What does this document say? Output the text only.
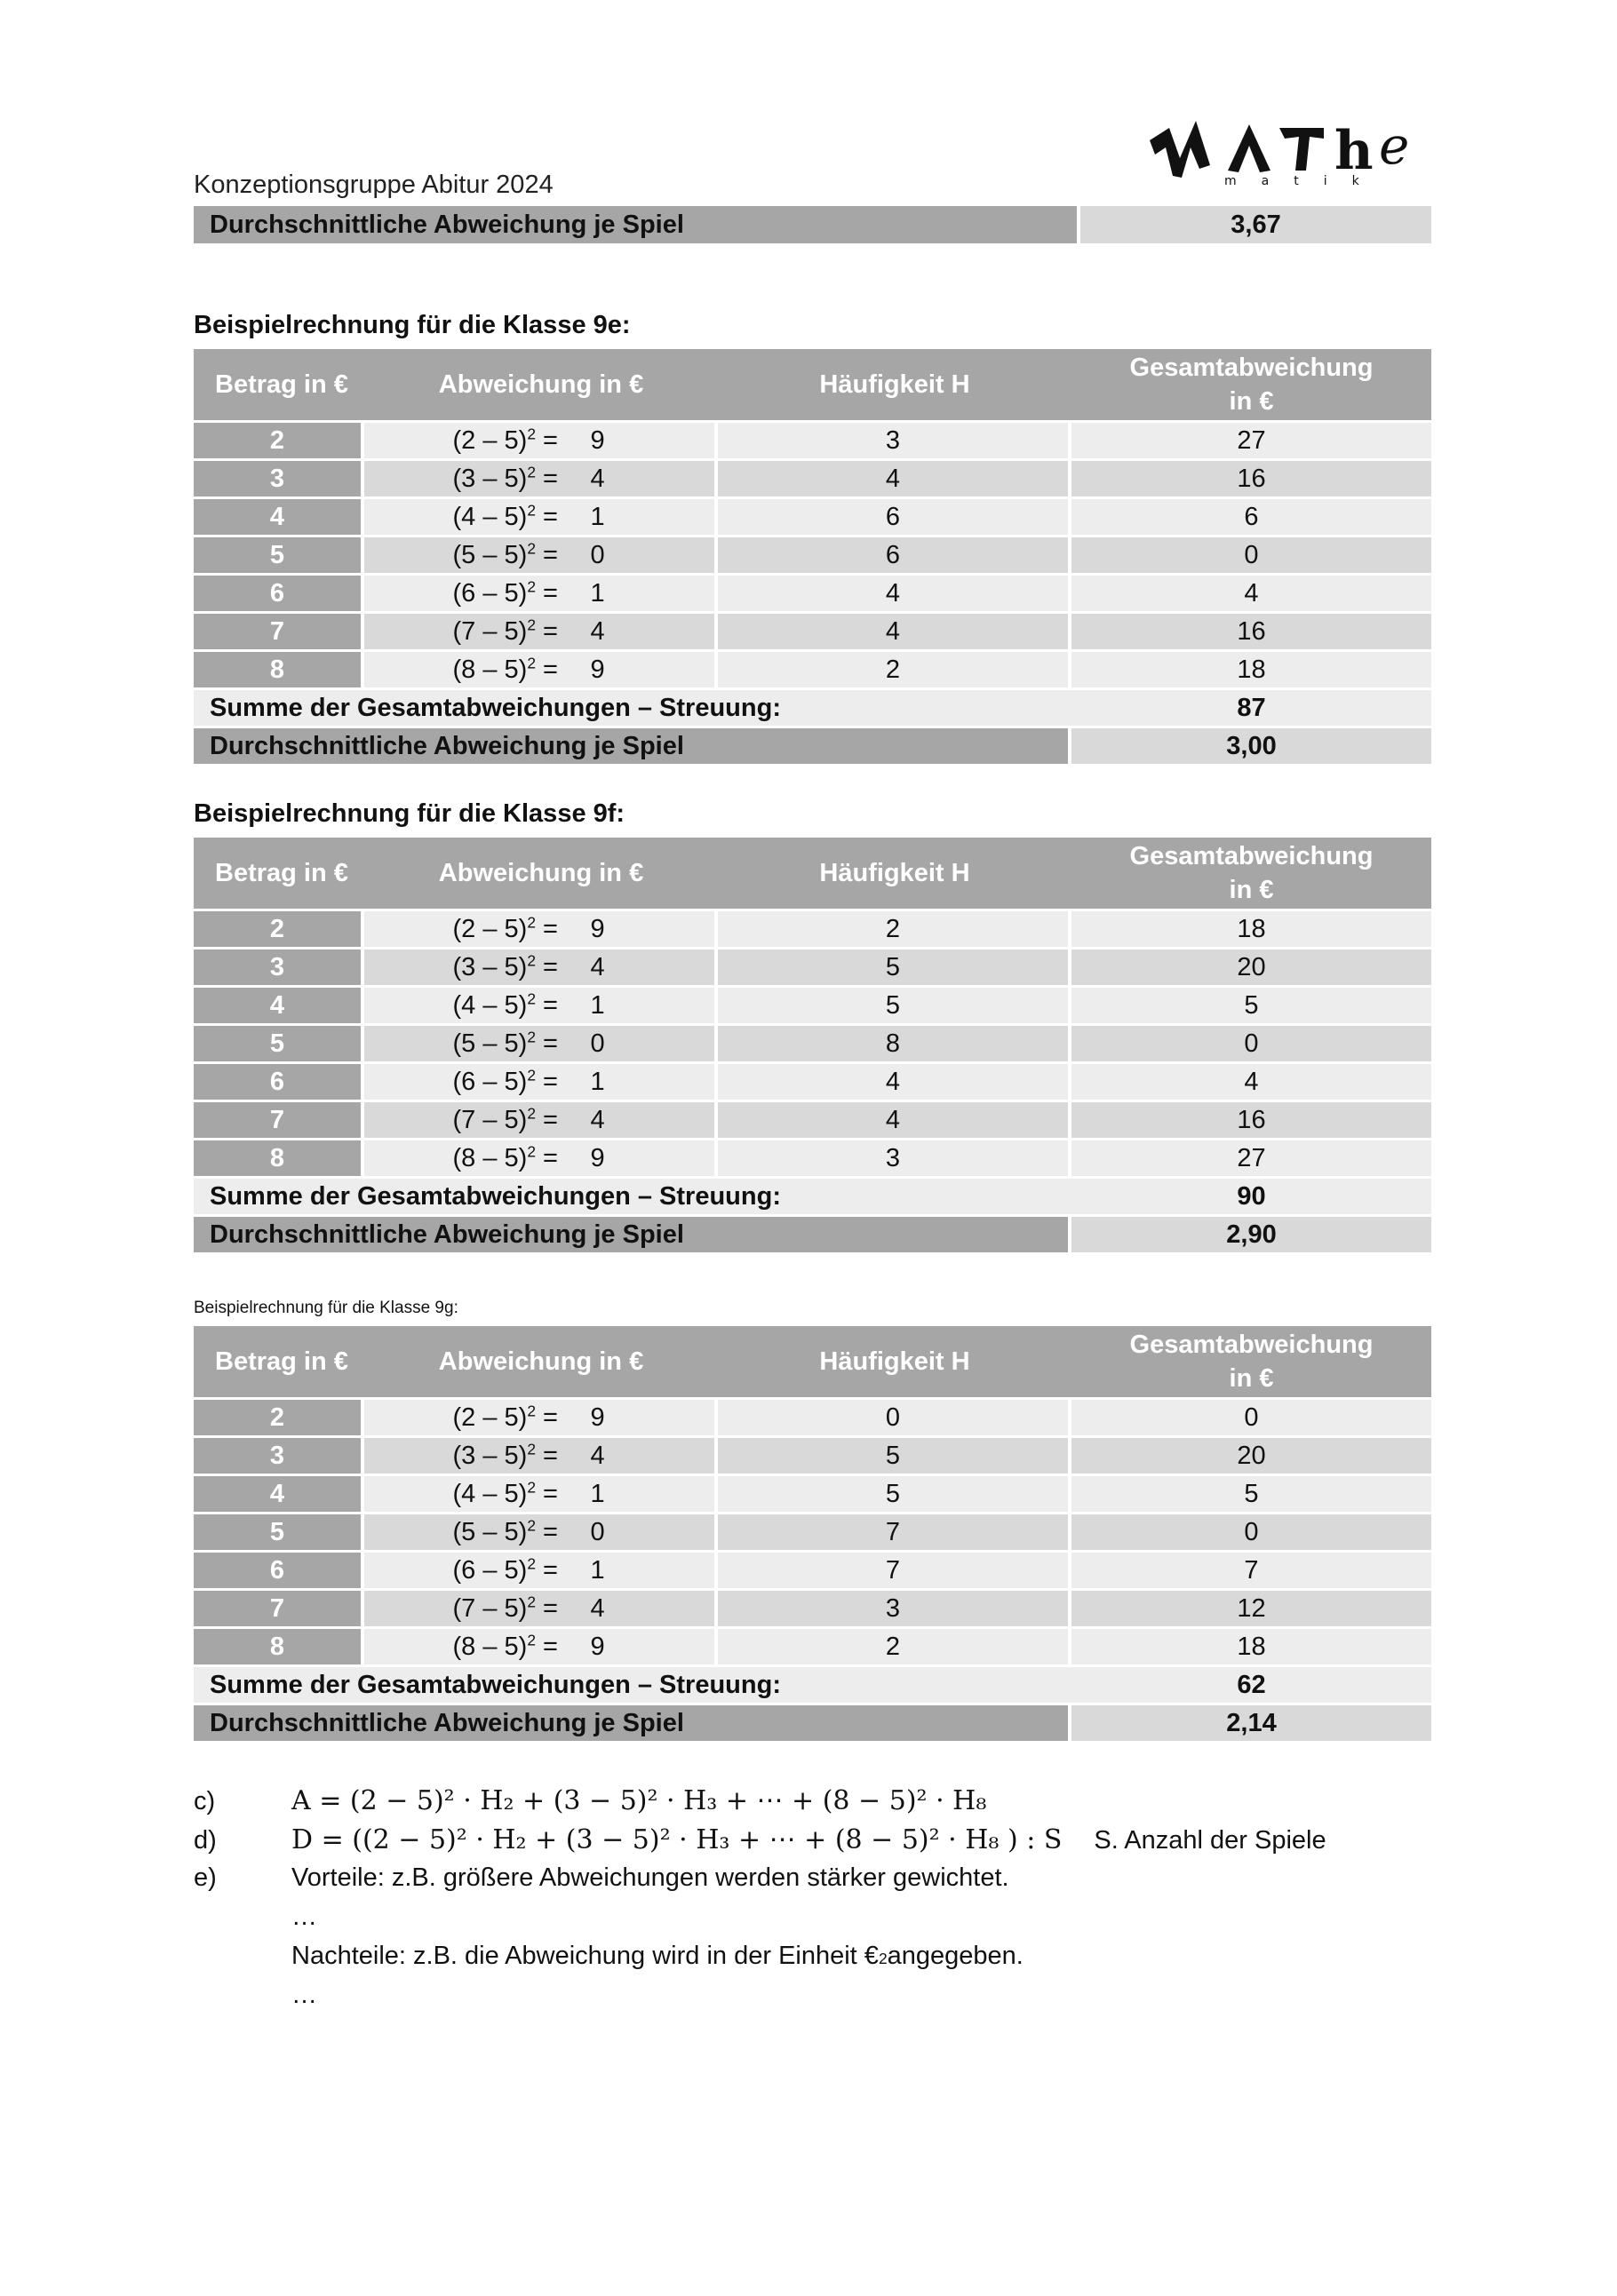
Konzeptionsgruppe Abitur 2024
h e
matik
Durchschnittliche Abweichung je Spiel	3,67
Beispielrechnung für die Klasse 9e:
Betrag in €	Abweichung in €	Häufigkeit H	Gesamtabweichung
in €

2	(2 – 5)$^2$ = 9	3	27
3	(3 – 5)$^2$ = 4	4	16
4	(4 – 5)$^2$ = 1	6	6
5	(5 – 5)$^2$ = 0	6	0
6	(6 – 5)$^2$ = 1	4	4
7	(7 – 5)$^2$ = 4	4	16
8	(8 – 5)$^2$ = 9	2	18
Summe der Gesamtabweichungen – Streuung:			87
Durchschnittliche Abweichung je Spiel			3,00
Beispielrechnung für die Klasse 9f:
Betrag in €	Abweichung in €	Häufigkeit H	Gesamtabweichung
in €

2	(2 – 5)$^2$ = 9	2	18
3	(3 – 5)$^2$ = 4	5	20
4	(4 – 5)$^2$ = 1	5	5
5	(5 – 5)$^2$ = 0	8	0
6	(6 – 5)$^2$ = 1	4	4
7	(7 – 5)$^2$ = 4	4	16
8	(8 – 5)$^2$ = 9	3	27
Summe der Gesamtabweichungen – Streuung:			90
Durchschnittliche Abweichung je Spiel			2,90
Beispielrechnung für die Klasse 9g:
Betrag in €	Abweichung in €	Häufigkeit H	Gesamtabweichung
in €

2	(2 – 5)$^2$ = 9	0	0
3	(3 – 5)$^2$ = 4	5	20
4	(4 – 5)$^2$ = 1	5	5
5	(5 – 5)$^2$ = 0	7	0
6	(6 – 5)$^2$ = 1	7	7
7	(7 – 5)$^2$ = 4	3	12
8	(8 – 5)$^2$ = 9	2	18
Summe der Gesamtabweichungen – Streuung:			62
Durchschnittliche Abweichung je Spiel			2,14
c)	A = (2 − 5)² · H₂ + (3 − 5)² · H₃ + ⋯ + (8 − 5)² · H₈
d)	D = ((2 − 5)² · H₂ + (3 − 5)² · H₃ + ⋯ + (8 − 5)² · H₈ ) : S S. Anzahl der Spiele
e)	Vorteile: z.B. größere Abweichungen werden stärker gewichtet.
…
Nachteile: z.B. die Abweichung wird in der Einheit € 2 angegeben.
…
